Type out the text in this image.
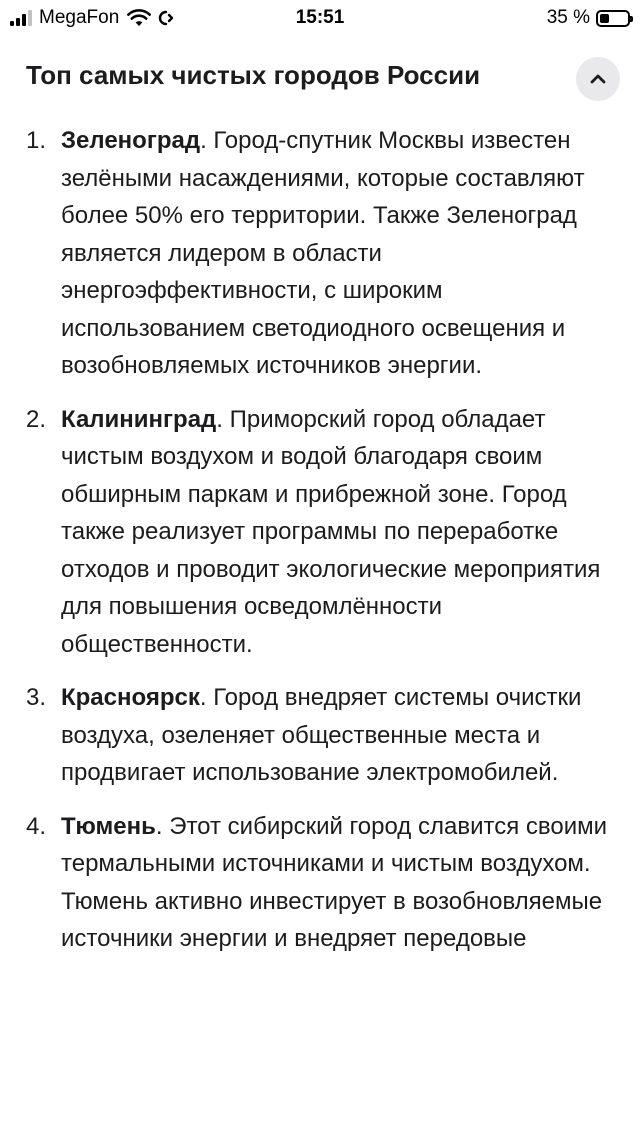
MegaFon	15:51	35 %
Топ самых чистых городов России
1. Зеленоград. Город-спутник Москвы известен зелёными насаждениями, которые составляют более 50% его территории. Также Зеленоград является лидером в области энергоэффективности, с широким использованием светодиодного освещения и возобновляемых источников энергии.
2. Калининград. Приморский город обладает чистым воздухом и водой благодаря своим обширным паркам и прибрежной зоне. Город также реализует программы по переработке отходов и проводит экологические мероприятия для повышения осведомлённости общественности.
3. Красноярск. Город внедряет системы очистки воздуха, озеленяет общественные места и продвигает использование электромобилей.
4. Тюмень. Этот сибирский город славится своими термальными источниками и чистым воздухом. Тюмень активно инвестирует в возобновляемые источники энергии и внедряет передовые
